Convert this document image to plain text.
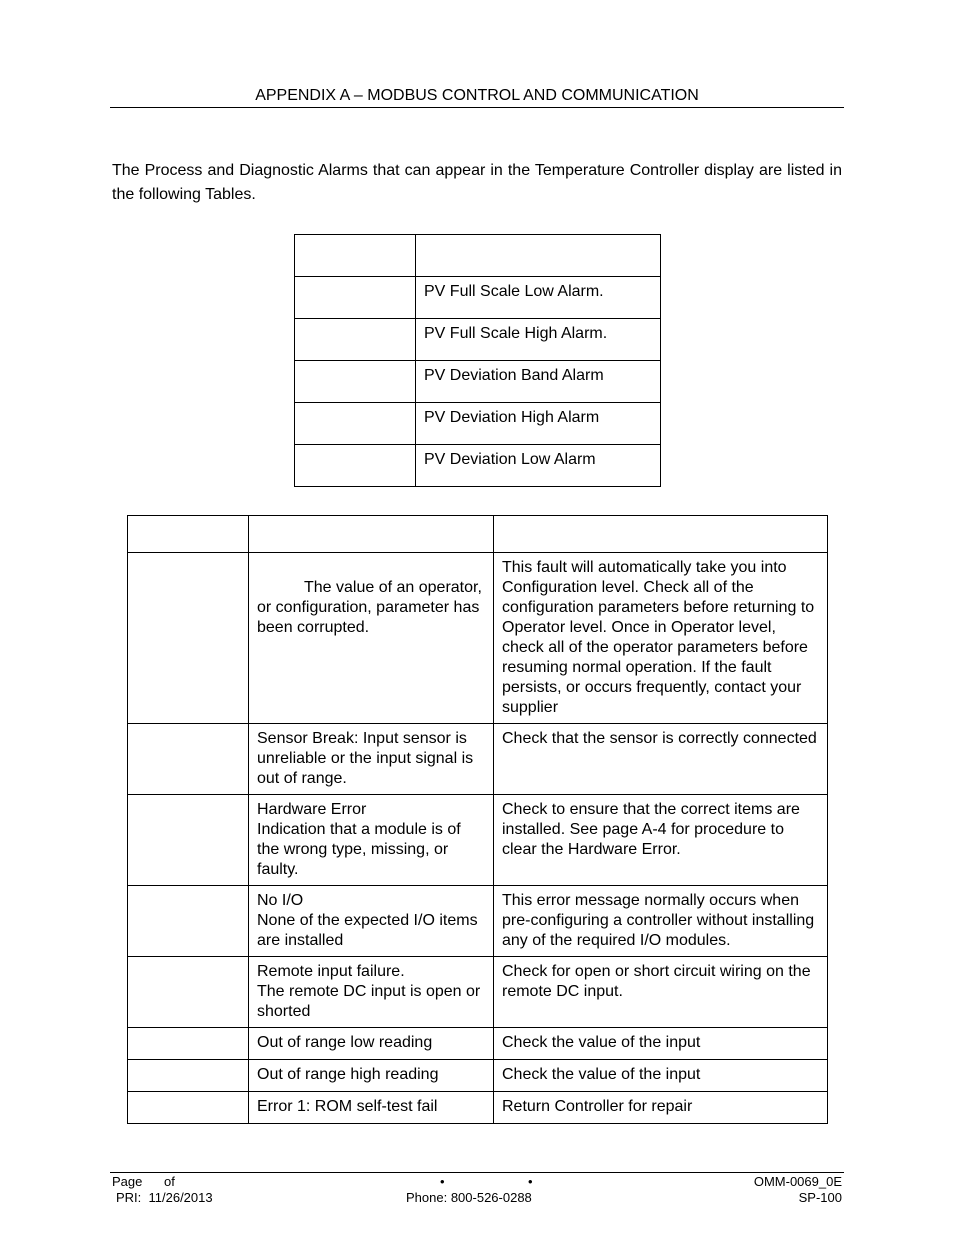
APPENDIX A – MODBUS CONTROL AND COMMUNICATION
The Process and Diagnostic Alarms that can appear in the Temperature Controller display are listed in the following Tables.

	PV Full Scale Low Alarm.
	PV Full Scale High Alarm.
	PV Deviation Band Alarm
	PV Deviation High Alarm
	PV Deviation Low Alarm

	The value of an operator, or configuration, parameter has been corrupted.	This fault will automatically take you into Configuration level. Check all of the configuration parameters before returning to Operator level. Once in Operator level, check all of the operator parameters before resuming normal operation. If the fault persists, or occurs frequently, contact your supplier
	Sensor Break: Input sensor is unreliable or the input signal is out of range.	Check that the sensor is correctly connected

	Hardware Error
Indication that a module is of the wrong type, missing, or faulty.	Check to ensure that the correct items are installed. See page A-4 for procedure to clear the Hardware Error.

	No I/O
None of the expected I/O items are installed	This error message normally occurs when pre-configuring a controller without installing any of the required I/O modules.

	Remote input failure.
The remote DC input is open or shorted	Check for open or short circuit wiring on the remote DC input.
	Out of range low reading	Check the value of the input
	Out of range high reading	Check the value of the input
	Error 1: ROM self-test fail	Return Controller for repair
Page      of
PRI:  11/26/2013
•	•
Phone: 800-526-0288
OMM-0069_0E
SP-100
